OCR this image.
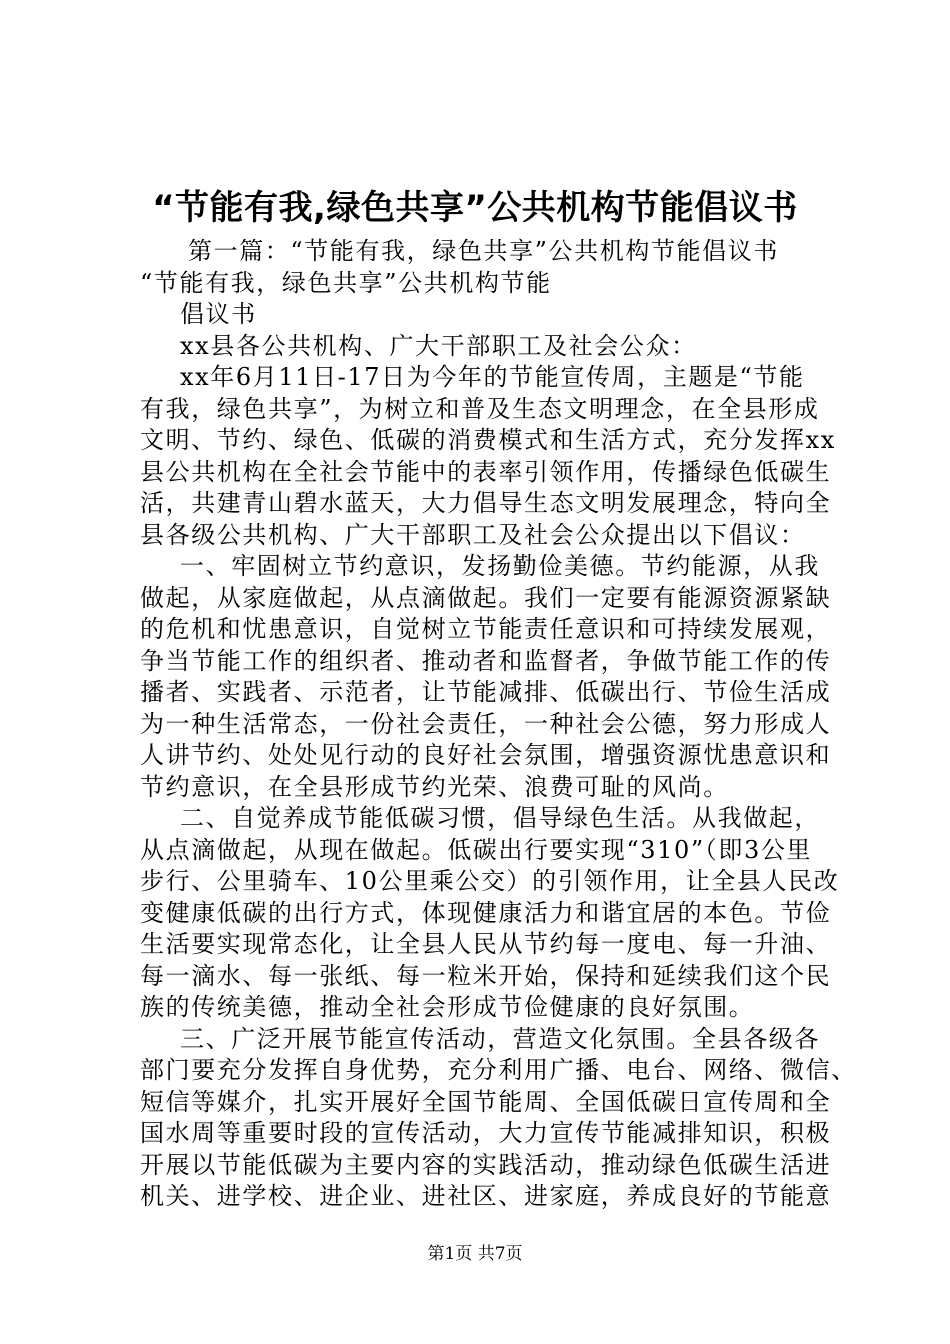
“节能有我,绿色共享”公共机构节能倡议书
第一篇：“节能有我，绿色共享”公共机构节能倡议书
“节能有我，绿色共享”公共机构节能
倡议书
xx县各公共机构、广大干部职工及社会公众：
xx年6月11日-17日为今年的节能宣传周，主题是“节能
有我，绿色共享”，为树立和普及生态文明理念，在全县形成
文明、节约、绿色、低碳的消费模式和生活方式，充分发挥xx
县公共机构在全社会节能中的表率引领作用，传播绿色低碳生
活，共建青山碧水蓝天，大力倡导生态文明发展理念，特向全
县各级公共机构、广大干部职工及社会公众提出以下倡议：
一、牢固树立节约意识，发扬勤俭美德。节约能源，从我
做起，从家庭做起，从点滴做起。我们一定要有能源资源紧缺
的危机和忧患意识，自觉树立节能责任意识和可持续发展观，
争当节能工作的组织者、推动者和监督者，争做节能工作的传
播者、实践者、示范者，让节能减排、低碳出行、节俭生活成
为一种生活常态，一份社会责任，一种社会公德，努力形成人
人讲节约、处处见行动的良好社会氛围，增强资源忧患意识和
节约意识，在全县形成节约光荣、浪费可耻的风尚。
二、自觉养成节能低碳习惯，倡导绿色生活。从我做起，
从点滴做起，从现在做起。低碳出行要实现“310”（即3公里
步行、公里骑车、10公里乘公交）的引领作用，让全县人民改
变健康低碳的出行方式，体现健康活力和谐宜居的本色。节俭
生活要实现常态化，让全县人民从节约每一度电、每一升油、
每一滴水、每一张纸、每一粒米开始，保持和延续我们这个民
族的传统美德，推动全社会形成节俭健康的良好氛围。
三、广泛开展节能宣传活动，营造文化氛围。全县各级各
部门要充分发挥自身优势，充分利用广播、电台、网络、微信、
短信等媒介，扎实开展好全国节能周、全国低碳日宣传周和全
国水周等重要时段的宣传活动，大力宣传节能减排知识，积极
开展以节能低碳为主要内容的实践活动，推动绿色低碳生活进
机关、进学校、进企业、进社区、进家庭，养成良好的节能意
第1页 共7页
